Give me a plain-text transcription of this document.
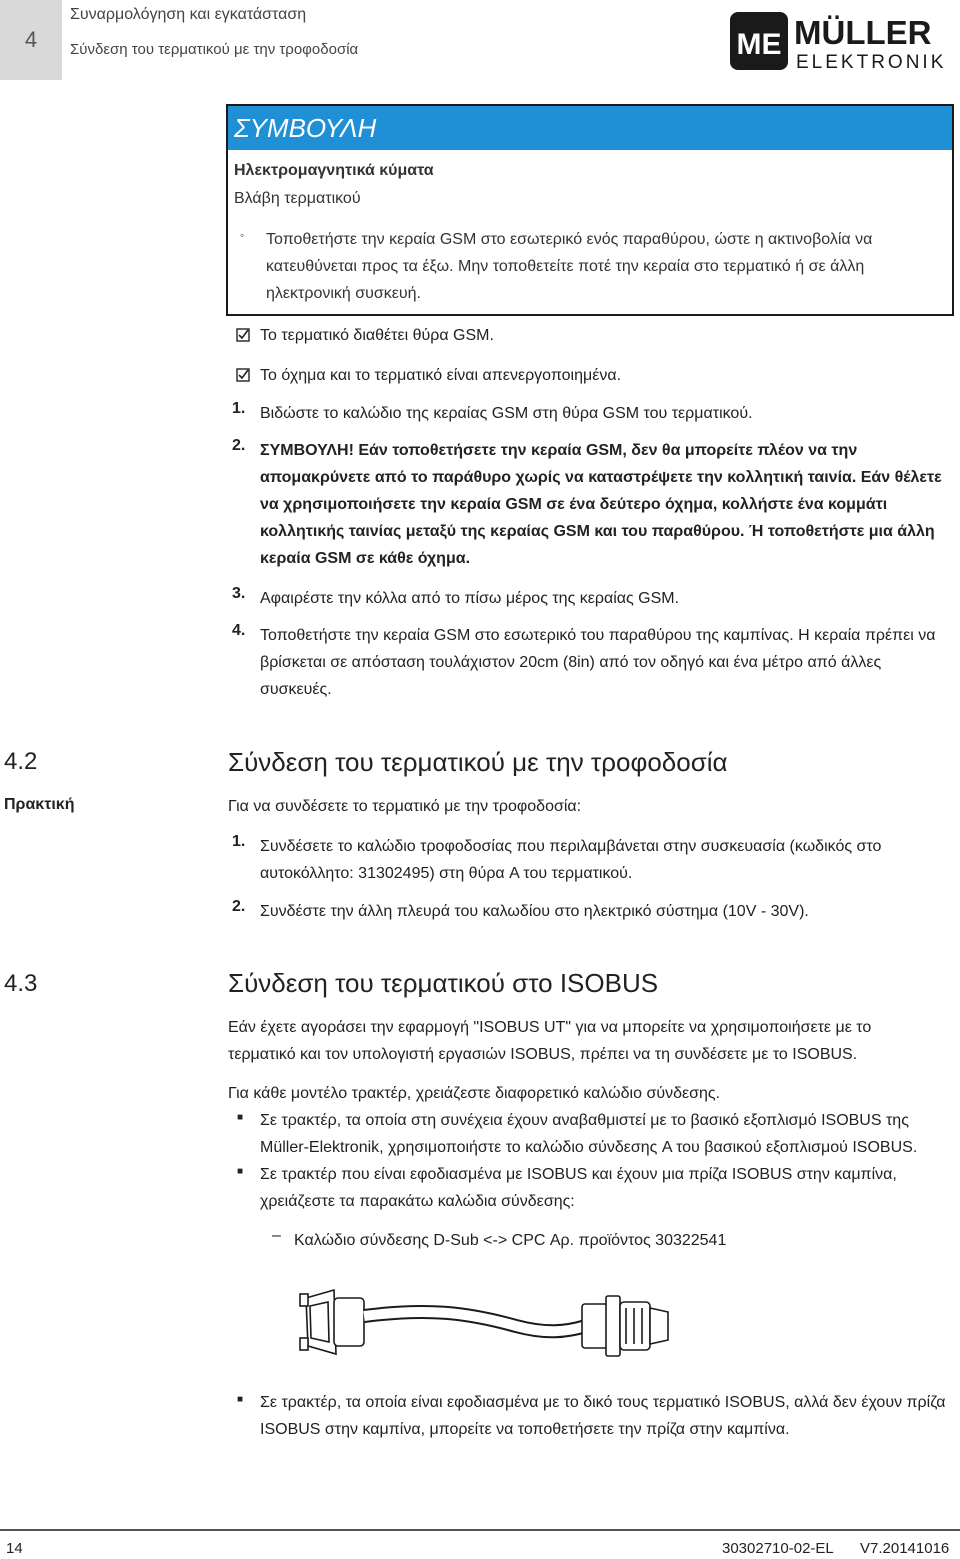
4
Συναρμολόγηση και εγκατάσταση
Σύνδεση του τερματικού με την τροφοδοσία	ME MÜLLER
ELEKTRONIK
ΣΥΜΒΟΥΛΗ
Ηλεκτρομαγνητικά κύματα
Βλάβη τερματικού
◦ Τοποθετήστε την κεραία GSM στο εσωτερικό ενός παραθύρου, ώστε η ακτινοβολία να κατευθύνεται προς τα έξω. Μην τοποθετείτε ποτέ την κεραία στο τερματικό ή σε άλλη ηλεκτρονική συσκευή.
Το τερματικό διαθέτει θύρα GSM.
Το όχημα και το τερματικό είναι απενεργοποιημένα.
1. Βιδώστε το καλώδιο της κεραίας GSM στη θύρα GSM του τερματικού.
2. ΣΥΜΒΟΥΛΗ! Εάν τοποθετήσετε την κεραία GSM, δεν θα μπορείτε πλέον να την απομακρύνετε από το παράθυρο χωρίς να καταστρέψετε την κολλητική ταινία. Εάν θέλετε να χρησιμοποιήσετε την κεραία GSM σε ένα δεύτερο όχημα, κολλήστε ένα κομμάτι κολλητικής ταινίας μεταξύ της κεραίας GSM και του παραθύρου. Ή τοποθετήστε μια άλλη κεραία GSM σε κάθε όχημα.
3. Αφαιρέστε την κόλλα από το πίσω μέρος της κεραίας GSM.
4. Τοποθετήστε την κεραία GSM στο εσωτερικό του παραθύρου της καμπίνας. Η κεραία πρέπει να βρίσκεται σε απόσταση τουλάχιστον 20cm (8in) από τον οδηγό και ένα μέτρο από άλλες συσκευές.
4.2	Σύνδεση του τερματικού με την τροφοδοσία
Πρακτική	Για να συνδέσετε το τερματικό με την τροφοδοσία:
1. Συνδέσετε το καλώδιο τροφοδοσίας που περιλαμβάνεται στην συσκευασία (κωδικός στο αυτοκόλλητο: 31302495) στη θύρα A του τερματικού.
2. Συνδέστε την άλλη πλευρά του καλωδίου στο ηλεκτρικό σύστημα (10V - 30V).
4.3	Σύνδεση του τερματικού στο ISOBUS
Εάν έχετε αγοράσει την εφαρμογή "ISOBUS UT" για να μπορείτε να χρησιμοποιήσετε με το τερματικό και τον υπολογιστή εργασιών ISOBUS, πρέπει να τη συνδέσετε με το ISOBUS.
Για κάθε μοντέλο τρακτέρ, χρειάζεστε διαφορετικό καλώδιο σύνδεσης.
■ Σε τρακτέρ, τα οποία στη συνέχεια έχουν αναβαθμιστεί με το βασικό εξοπλισμό ISOBUS της Müller-Elektronik, χρησιμοποιήστε το καλώδιο σύνδεσης A του βασικού εξοπλισμού ISOBUS.
■ Σε τρακτέρ που είναι εφοδιασμένα με ISOBUS και έχουν μια πρίζα ISOBUS στην καμπίνα, χρειάζεστε τα παρακάτω καλώδια σύνδεσης:
– Καλώδιο σύνδεσης D-Sub <-> CPC Αρ. προϊόντος 30322541
■ Σε τρακτέρ, τα οποία είναι εφοδιασμένα με το δικό τους τερματικό ISOBUS, αλλά δεν έχουν πρίζα ISOBUS στην καμπίνα, μπορείτε να τοποθετήσετε την πρίζα στην καμπίνα.
14	30302710-02-EL V7.20141016
